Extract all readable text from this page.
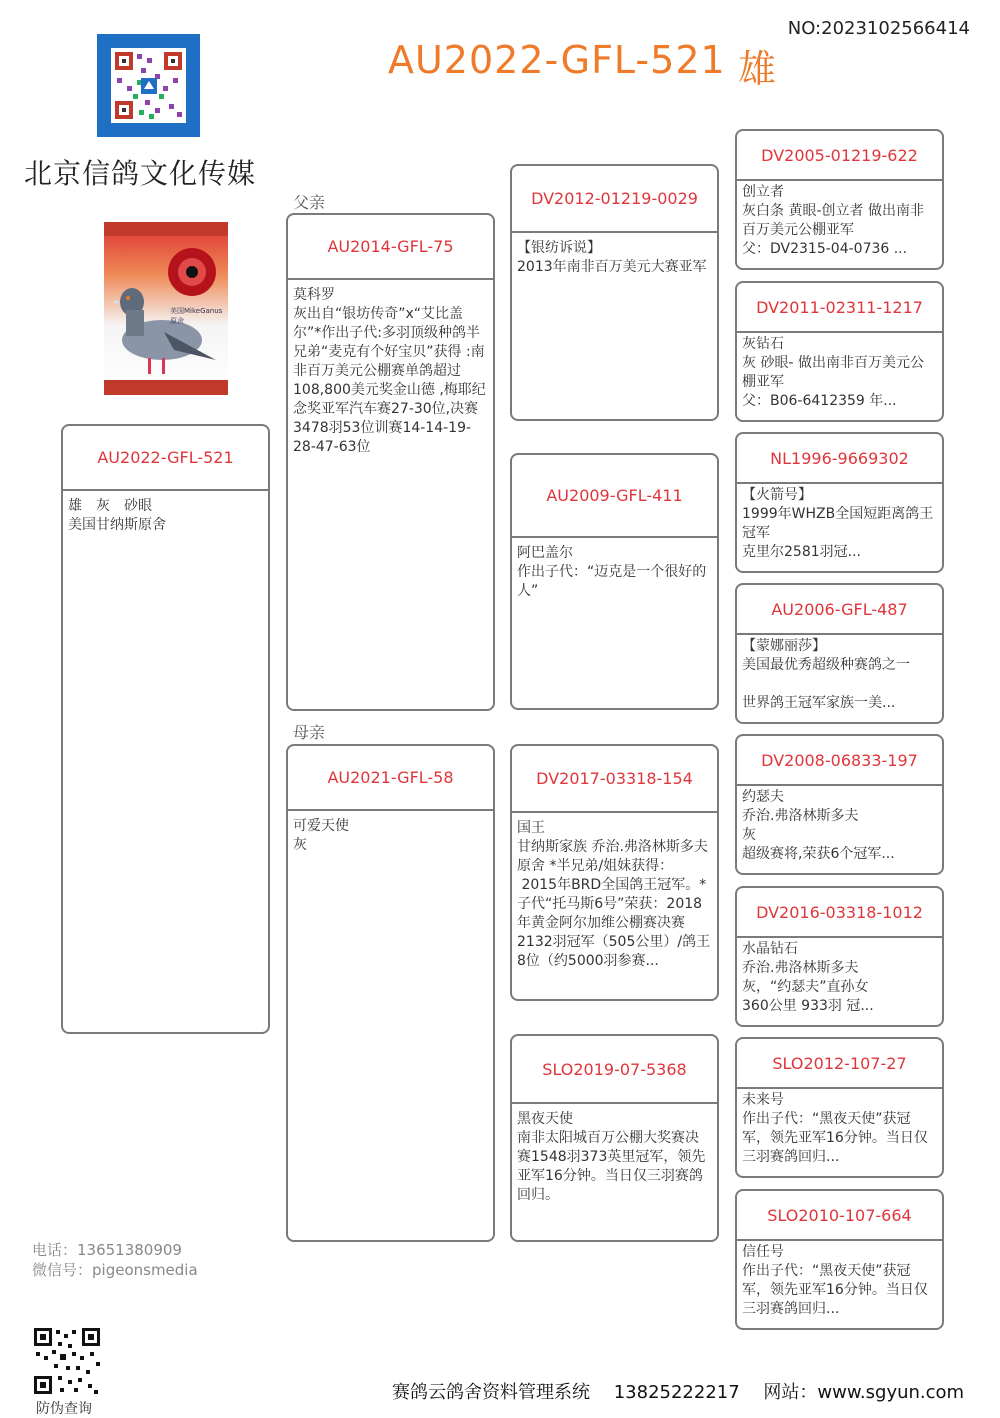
NO:2023102566414
AU2022-GFL-521 雄
北京信鸽文化传媒
美国MikeGanus原舍
AU2022-GFL-521
雄　灰　砂眼
美国甘纳斯原舍
父亲
母亲
AU2014-GFL-75
莫科罗
灰出自“银坊传奇”x“艾比盖尔”*作出子代:多羽顶级种鸽半兄弟“麦克有个好宝贝”获得 :南非百万美元公棚赛单鸽超过108,800美元奖金山德 ,梅耶纪念奖亚军汽车赛27-30位,决赛3478羽53位训赛14-14-19-28-47-63位
AU2021-GFL-58
可爱天使
灰
DV2012-01219-0029
【银纺诉说】
2013年南非百万美元大赛亚军
AU2009-GFL-411
阿巴盖尔
作出子代：“迈克是一个很好的人”
DV2017-03318-154
国王
甘纳斯家族 乔治.弗洛林斯多夫原舍 *半兄弟/姐妹获得：
2015年BRD全国鸽王冠军。*子代“托马斯6号”荣获：2018年黄金阿尔加维公棚赛决赛
2132羽冠军（505公里）/鸽王8位（约5000羽参赛...
SLO2019-07-5368
黑夜天使
南非太阳城百万公棚大奖赛决赛1548羽373英里冠军，领先亚军16分钟。当日仅三羽赛鸽回归。
DV2005-01219-622
创立者
灰白条 黄眼-创立者 做出南非百万美元公棚亚军
父：DV2315-04-0736 ...
DV2011-02311-1217
灰钻石
灰 砂眼- 做出南非百万美元公棚亚军
父：B06-6412359 年...
NL1996-9669302
【火箭号】
1999年WHZB全国短距离鸽王冠军
克里尔2581羽冠...
AU2006-GFL-487
【蒙娜丽莎】
美国最优秀超级种赛鸽之一

世界鸽王冠军家族一美...
DV2008-06833-197
约瑟夫
乔治.弗洛林斯多夫
灰
超级赛将,荣获6个冠军...
DV2016-03318-1012
水晶钻石
乔治.弗洛林斯多夫
灰，“约瑟夫”直孙女
360公里 933羽 冠...
SLO2012-107-27
未来号
作出子代：“黑夜天使”获冠军，领先亚军16分钟。当日仅三羽赛鸽回归...
SLO2010-107-664
信任号
作出子代：“黑夜天使”获冠军，领先亚军16分钟。当日仅三羽赛鸽回归...
电话：13651380909
微信号：pigeonsmedia
防伪查询
赛鸽云鸽舍资料管理系统　 13825222217　 网站：www.sgyun.com
